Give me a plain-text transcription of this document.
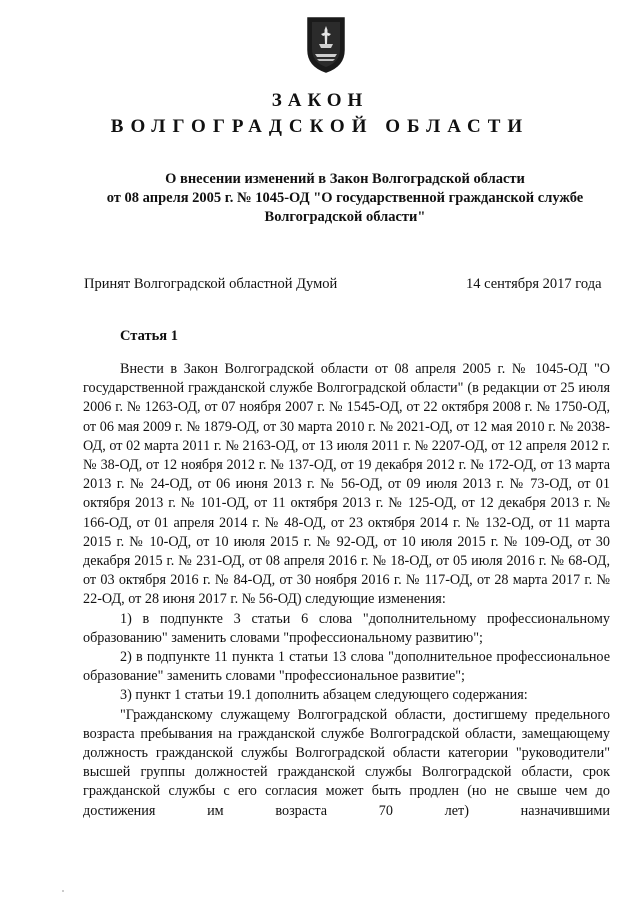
ЗАКОН
ВОЛГОГРАДСКОЙ ОБЛАСТИ
О внесении изменений в Закон Волгоградской области
от 08 апреля 2005 г. № 1045-ОД "О государственной гражданской службе
Волгоградской области"
Принят Волгоградской областной Думой	14 сентября 2017 года
Статья 1

Внести в Закон Волгоградской области от 08 апреля 2005 г. № 1045-ОД "О государственной гражданской службе Волгоградской области" (в редакции от 25 июля 2006 г. № 1263-ОД, от 07 ноября 2007 г. № 1545-ОД, от 22 октября 2008 г. № 1750-ОД, от 06 мая 2009 г. № 1879-ОД, от 30 марта 2010 г. № 2021-ОД, от 12 мая 2010 г. № 2038-ОД, от 02 марта 2011 г. № 2163-ОД, от 13 июля 2011 г. № 2207-ОД, от 12 апреля 2012 г. № 38-ОД, от 12 ноября 2012 г. № 137-ОД, от 19 декабря 2012 г. № 172-ОД, от 13 марта 2013 г. № 24-ОД, от 06 июня 2013 г. № 56-ОД, от 09 июля 2013 г. № 73-ОД, от 01 октября 2013 г. № 101-ОД, от 11 октября 2013 г. № 125-ОД, от 12 декабря 2013 г. № 166-ОД, от 01 апреля 2014 г. № 48-ОД, от 23 октября 2014 г. № 132-ОД, от 11 марта 2015 г. № 10-ОД, от 10 июля 2015 г. № 92-ОД, от 10 июля 2015 г. № 109-ОД, от 30 декабря 2015 г. № 231-ОД, от 08 апреля 2016 г. № 18-ОД, от 05 июля 2016 г. № 68-ОД, от 03 октября 2016 г. № 84-ОД, от 30 ноября 2016 г. № 117-ОД, от 28 марта 2017 г. № 22-ОД, от 28 июня 2017 г. № 56-ОД) следующие изменения:

1) в подпункте 3 статьи 6 слова "дополнительному профессиональному образованию" заменить словами "профессиональному развитию";

2) в подпункте 11 пункта 1 статьи 13 слова "дополнительное профессиональное образование" заменить словами "профессиональное развитие";

3) пункт 1 статьи 19.1 дополнить абзацем следующего содержания:

"Гражданскому служащему Волгоградской области, достигшему предельного возраста пребывания на гражданской службе Волгоградской области, замещающему должность гражданской службы Волгоградской области категории "руководители" высшей группы должностей гражданской службы Волгоградской области, срок гражданской службы с его согласия может быть продлен (но не свыше чем до достижения им возраста 70 лет) назначившими
